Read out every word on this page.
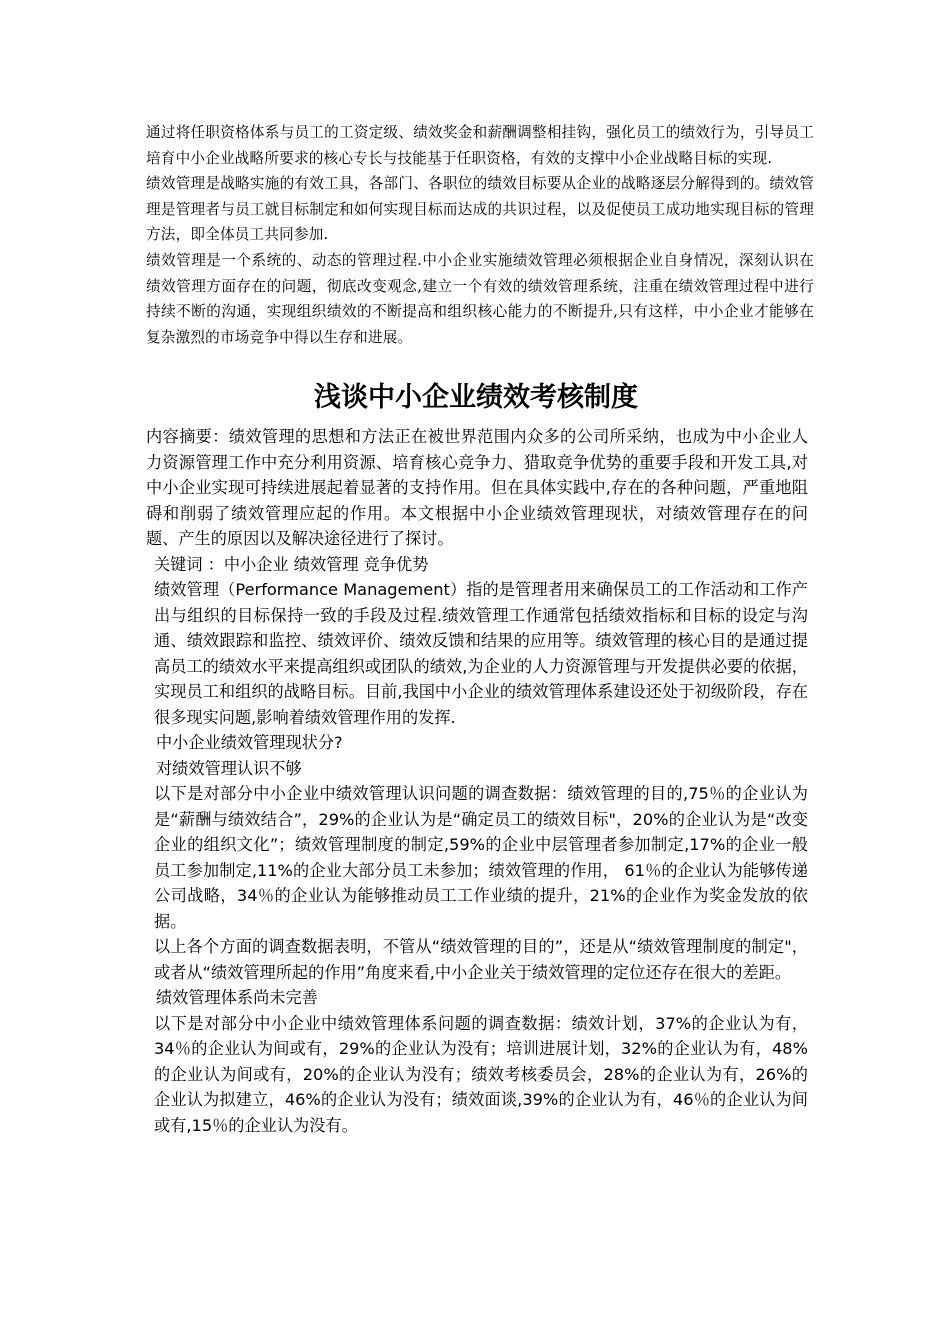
通过将任职资格体系与员工的工资定级、绩效奖金和薪酬调整相挂钩，强化员工的绩效行为，引导员工培育中小企业战略所要求的核心专长与技能基于任职资格，有效的支撑中小企业战略目标的实现.

绩效管理是战略实施的有效工具，各部门、各职位的绩效目标要从企业的战略逐层分解得到的。绩效管理是管理者与员工就目标制定和如何实现目标而达成的共识过程，以及促使员工成功地实现目标的管理方法，即全体员工共同参加.

绩效管理是一个系统的、动态的管理过程.中小企业实施绩效管理必须根据企业自身情况，深刻认识在绩效管理方面存在的问题，彻底改变观念,建立一个有效的绩效管理系统，注重在绩效管理过程中进行持续不断的沟通，实现组织绩效的不断提高和组织核心能力的不断提升,只有这样，中小企业才能够在复杂激烈的市场竞争中得以生存和进展。

浅谈中小企业绩效考核制度

内容摘要：绩效管理的思想和方法正在被世界范围内众多的公司所采纳，也成为中小企业人力资源管理工作中充分利用资源、培育核心竞争力、猎取竞争优势的重要手段和开发工具,对中小企业实现可持续进展起着显著的支持作用。但在具体实践中,存在的各种问题，严重地阻碍和削弱了绩效管理应起的作用。本文根据中小企业绩效管理现状，对绩效管理存在的问题、产生的原因以及解决途径进行了探讨。

关键词 ：中小企业 绩效管理 竞争优势

绩效管理（Performance Management）指的是管理者用来确保员工的工作活动和工作产出与组织的目标保持一致的手段及过程.绩效管理工作通常包括绩效指标和目标的设定与沟通、绩效跟踪和监控、绩效评价、绩效反馈和结果的应用等。绩效管理的核心目的是通过提高员工的绩效水平来提高组织或团队的绩效,为企业的人力资源管理与开发提供必要的依据，实现员工和组织的战略目标。目前,我国中小企业的绩效管理体系建设还处于初级阶段，存在很多现实问题,影响着绩效管理作用的发挥.

中小企业绩效管理现状分?

对绩效管理认识不够

以下是对部分中小企业中绩效管理认识问题的调查数据：绩效管理的目的,75％的企业认为是“薪酬与绩效结合”，29%的企业认为是“确定员工的绩效目标"，20%的企业认为是“改变企业的组织文化”；绩效管理制度的制定,59%的企业中层管理者参加制定,17%的企业一般员工参加制定,11%的企业大部分员工未参加；绩效管理的作用， 61％的企业认为能够传递公司战略，34％的企业认为能够推动员工工作业绩的提升，21%的企业作为奖金发放的依据。

以上各个方面的调查数据表明，不管从“绩效管理的目的”，还是从“绩效管理制度的制定"，或者从“绩效管理所起的作用”角度来看,中小企业关于绩效管理的定位还存在很大的差距。

绩效管理体系尚未完善

以下是对部分中小企业中绩效管理体系问题的调查数据：绩效计划，37%的企业认为有，34％的企业认为间或有，29%的企业认为没有；培训进展计划，32%的企业认为有，48%的企业认为间或有，20%的企业认为没有；绩效考核委员会，28%的企业认为有，26%的企业认为拟建立，46%的企业认为没有；绩效面谈,39%的企业认为有，46％的企业认为间或有,15％的企业认为没有。
